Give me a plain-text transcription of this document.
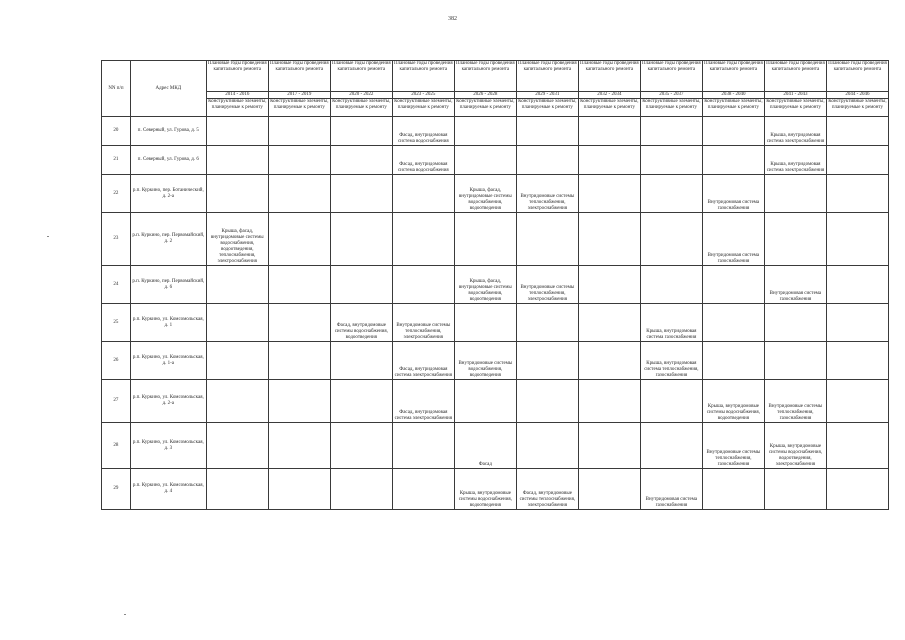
382
NN п/п	Адрес МКД	Плановые годы проведения капитального ремонта	Плановые годы проведения капитального ремонта	Плановые годы проведения капитального ремонта	Плановые годы проведения капитального ремонта	Плановые годы проведения капитального ремонта	Плановые годы проведения капитального ремонта	Плановые годы проведения капитального ремонта	Плановые годы проведения капитального ремонта	Плановые годы проведения капитального ремонта	Плановые годы проведения капитального ремонта	Плановые годы проведения капитального ремонта
		2014 - 2016	2017 - 2019	2020 - 2022	2023 - 2025	2026 - 2028	2029 - 2031	2032 - 2034	2035 - 2037	2038 - 2040	2041 - 2043	2044 - 2046
		Конструктивные элементы, планируемые к ремонту	Конструктивные элементы, планируемые к ремонту	Конструктивные элементы, планируемые к ремонту	Конструктивные элементы, планируемые к ремонту	Конструктивные элементы, планируемые к ремонту	Конструктивные элементы, планируемые к ремонту	Конструктивные элементы, планируемые к ремонту	Конструктивные элементы, планируемые к ремонту	Конструктивные элементы, планируемые к ремонту	Конструктивные элементы, планируемые к ремонту	Конструктивные элементы, планируемые к ремонту
20	п. Северный, ул. Гурова, д. 5				Фасад, внутридомовая система водоснабжения						Крыша, внутридомовая система электроснабжения	
21	п. Северный, ул. Гурова, д. 6				Фасад, внутридомовая система водоснабжения						Крыша, внутридомовая система электроснабжения	
22	р.п. Куркино, пер. Ботанический, д. 2-а					Крыша, фасад, внутридомовые системы водоснабжения, водоотведения	Внутридомовые системы теплоснабжения, электроснабжения			Внутридомовая система газоснабжения		
23	р.п. Куркино, пер. Первомайский, д. 2	Крыша, фасад, внутридомовые системы водоснабжения, водоотведения, теплоснабжения, электроснабжения								Внутридомовая система газоснабжения		
24	р.п. Куркино, пер. Первомайский, д. 6					Крыша, фасад, внутридомовые системы водоснабжения, водоотведения	Внутридомовые системы теплоснабжения, электроснабжения				Внутридомовая система газоснабжения	
25	р.п. Куркино, ул. Комсомольская, д. 1			Фасад, внутридомовые системы водоснабжения, водоотведения	Внутридомовые системы теплоснабжения, электроснабжения				Крыша, внутридомовая система газоснабжения			
26	р.п. Куркино, ул. Комсомольская, д. 1-а				Фасад, внутридомовая система электроснабжения	Внутридомовые системы водоснабжения, водоотведения			Крыша, внутридомовая система теплоснабжения, газоснабжения			
27	р.п. Куркино, ул. Комсомольская, д. 2-а				Фасад, внутридомовая система электроснабжения					Крыша, внутридомовые системы водоснабжения, водоотведения	Внутридомовые системы теплоснабжения, газоснабжения	
28	р.п. Куркино, ул. Комсомольская, д. 3					Фасад				Внутридомовые системы теплоснабжения, газоснабжения	Крыша, внутридомовые системы водоснабжения, водоотведения, электроснабжения	
29	р.п. Куркино, ул. Комсомольская, д. 4					Крыша, внутридомовые системы водоснабжения, водоотведения	Фасад, внутридомовые системы теплоснабжения, электроснабжения		Внутридомовая система газоснабжения			
